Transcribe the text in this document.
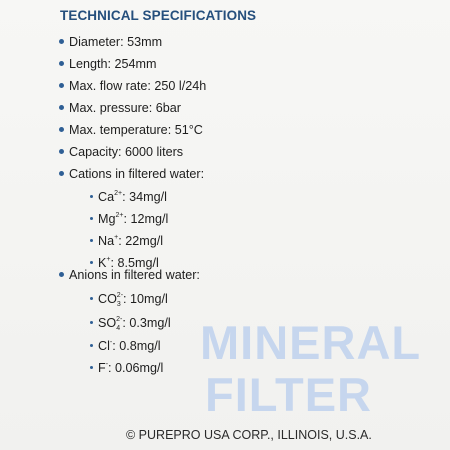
TECHNICAL SPECIFICATIONS
Diameter: 53mm
Length: 254mm
Max. flow rate: 250 l/24h
Max. pressure: 6bar
Max. temperature: 51°C
Capacity: 6000 liters
Cations in filtered water:
$Ca^{2+}$: 34mg/l
$Mg^{2+}$: 12mg/l
Na+: 22mg/l
K+: 8.5mg/l
Anions in filtered water:
$CO_3^{2-}$: 10mg/l
$SO_4^{2-}$: 0.3mg/l
Cl-: 0.8mg/l
F-: 0.06mg/l MINERAL
FILTER
© PUREPRO USA CORP., ILLINOIS, U.S.A.
